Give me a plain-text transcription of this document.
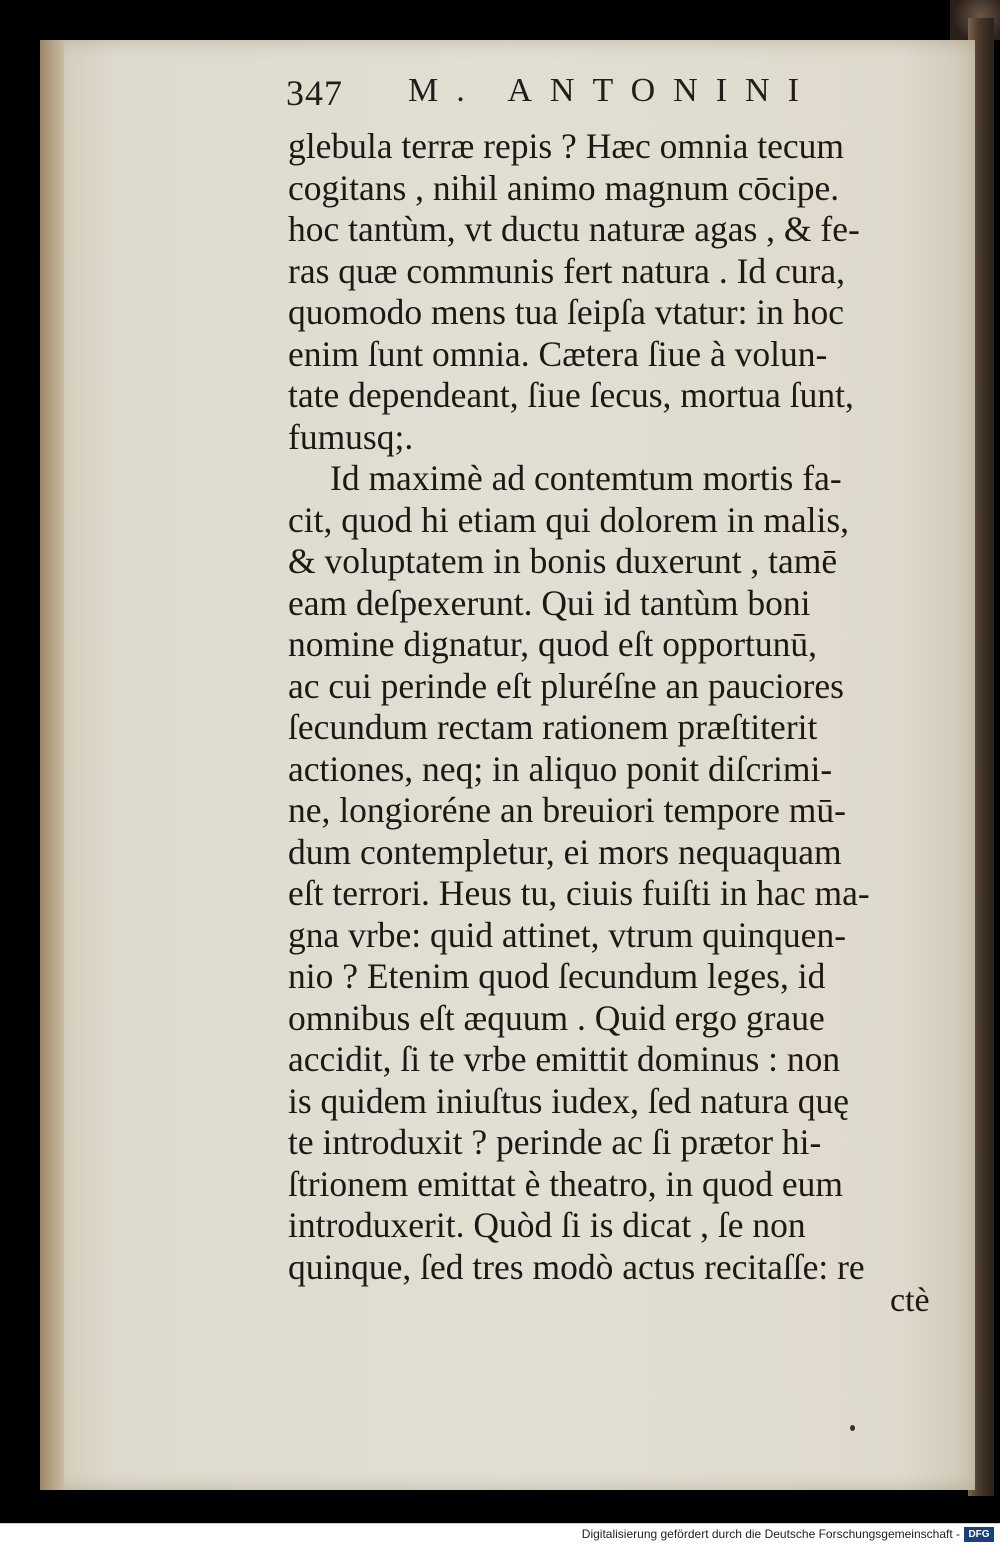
347 M. ANTONINI
glebula terræ repis ? Hæc omnia tecum
cogitans , nihil animo magnum cōcipe.
hoc tantùm, vt ductu naturæ agas , & fe-
ras quæ communis fert natura . Id cura,
quomodo mens tua ſeipſa vtatur: in hoc
enim ſunt omnia. Cætera ſiue à volun-
tate dependeant, ſiue ſecus, mortua ſunt,
fumusq;.
Id maximè ad contemtum mortis fa-
cit, quod hi etiam qui dolorem in malis,
& voluptatem in bonis duxerunt , tamē
eam deſpexerunt. Qui id tantùm boni
nomine dignatur, quod eſt opportunū,
ac cui perinde eſt pluréſne an pauciores
ſecundum rectam rationem præſtiterit
actiones, neq; in aliquo ponit diſcrimi-
ne, longioréne an breuiori tempore mū-
dum contempletur, ei mors nequaquam
eſt terrori. Heus tu, ciuis fuiſti in hac ma-
gna vrbe: quid attinet, vtrum quinquen-
nio ? Etenim quod ſecundum leges, id
omnibus eſt æquum . Quid ergo graue
accidit, ſi te vrbe emittit dominus : non
is quidem iniuſtus iudex, ſed natura quę
te introduxit ? perinde ac ſi prætor hi-
ſtrionem emittat è theatro, in quod eum
introduxerit. Quòd ſi is dicat , ſe non
quinque, ſed tres modò actus recitaſſe: re
ctè
Digitalisierung gefördert durch die Deutsche Forschungsgemeinschaft - DFG
